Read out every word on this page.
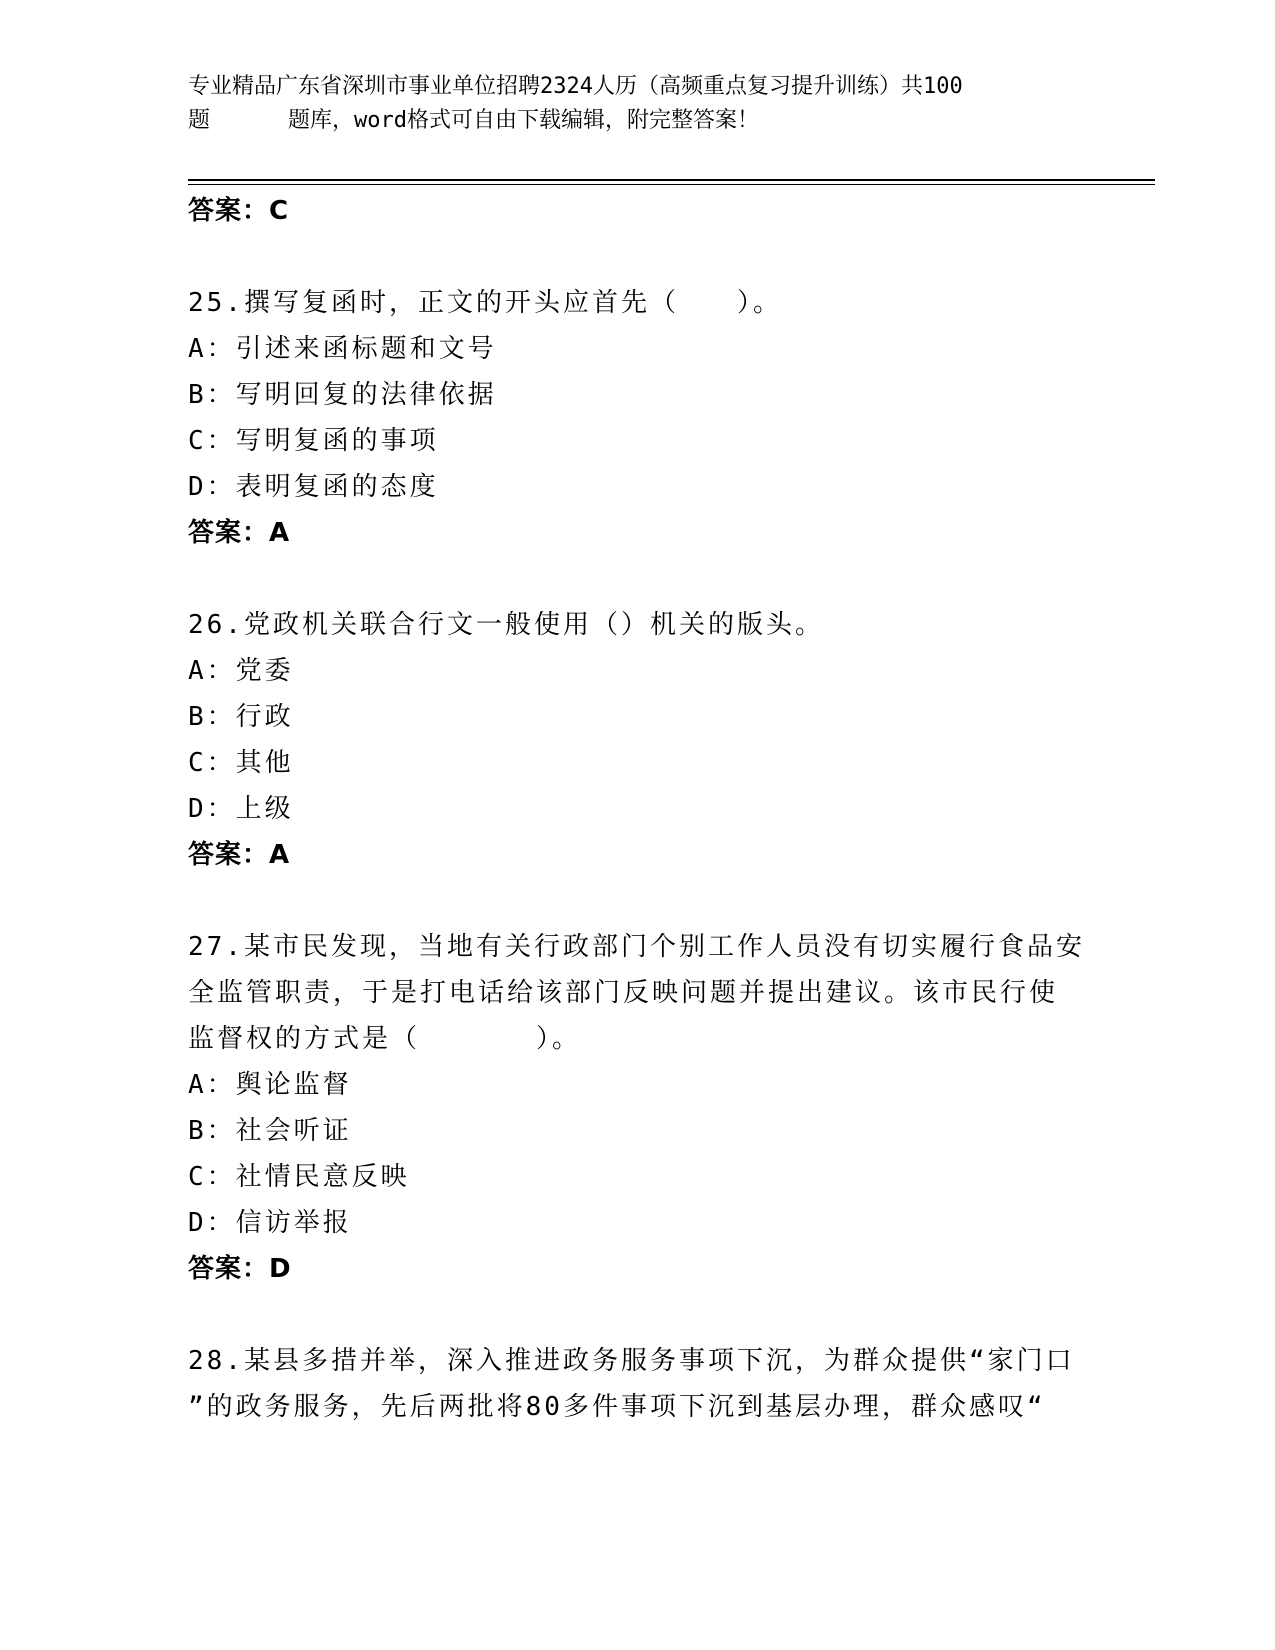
专业精品广东省深圳市事业单位招聘2324人历（高频重点复习提升训练）共100
题	题库，word格式可自由下载编辑，附完整答案！
答案：C
25.撰写复函时，正文的开头应首先（　　）。
A：引述来函标题和文号
B：写明回复的法律依据
C：写明复函的事项
D：表明复函的态度
答案：A
26.党政机关联合行文一般使用（）机关的版头。
A：党委
B：行政
C：其他
D：上级
答案：A
27.某市民发现，当地有关行政部门个别工作人员没有切实履行食品安
全监管职责，于是打电话给该部门反映问题并提出建议。该市民行使
监督权的方式是（　　　　）。
A：舆论监督
B：社会听证
C：社情民意反映
D：信访举报
答案：D
28.某县多措并举，深入推进政务服务事项下沉，为群众提供“家门口
”的政务服务，先后两批将80多件事项下沉到基层办理，群众感叹“
